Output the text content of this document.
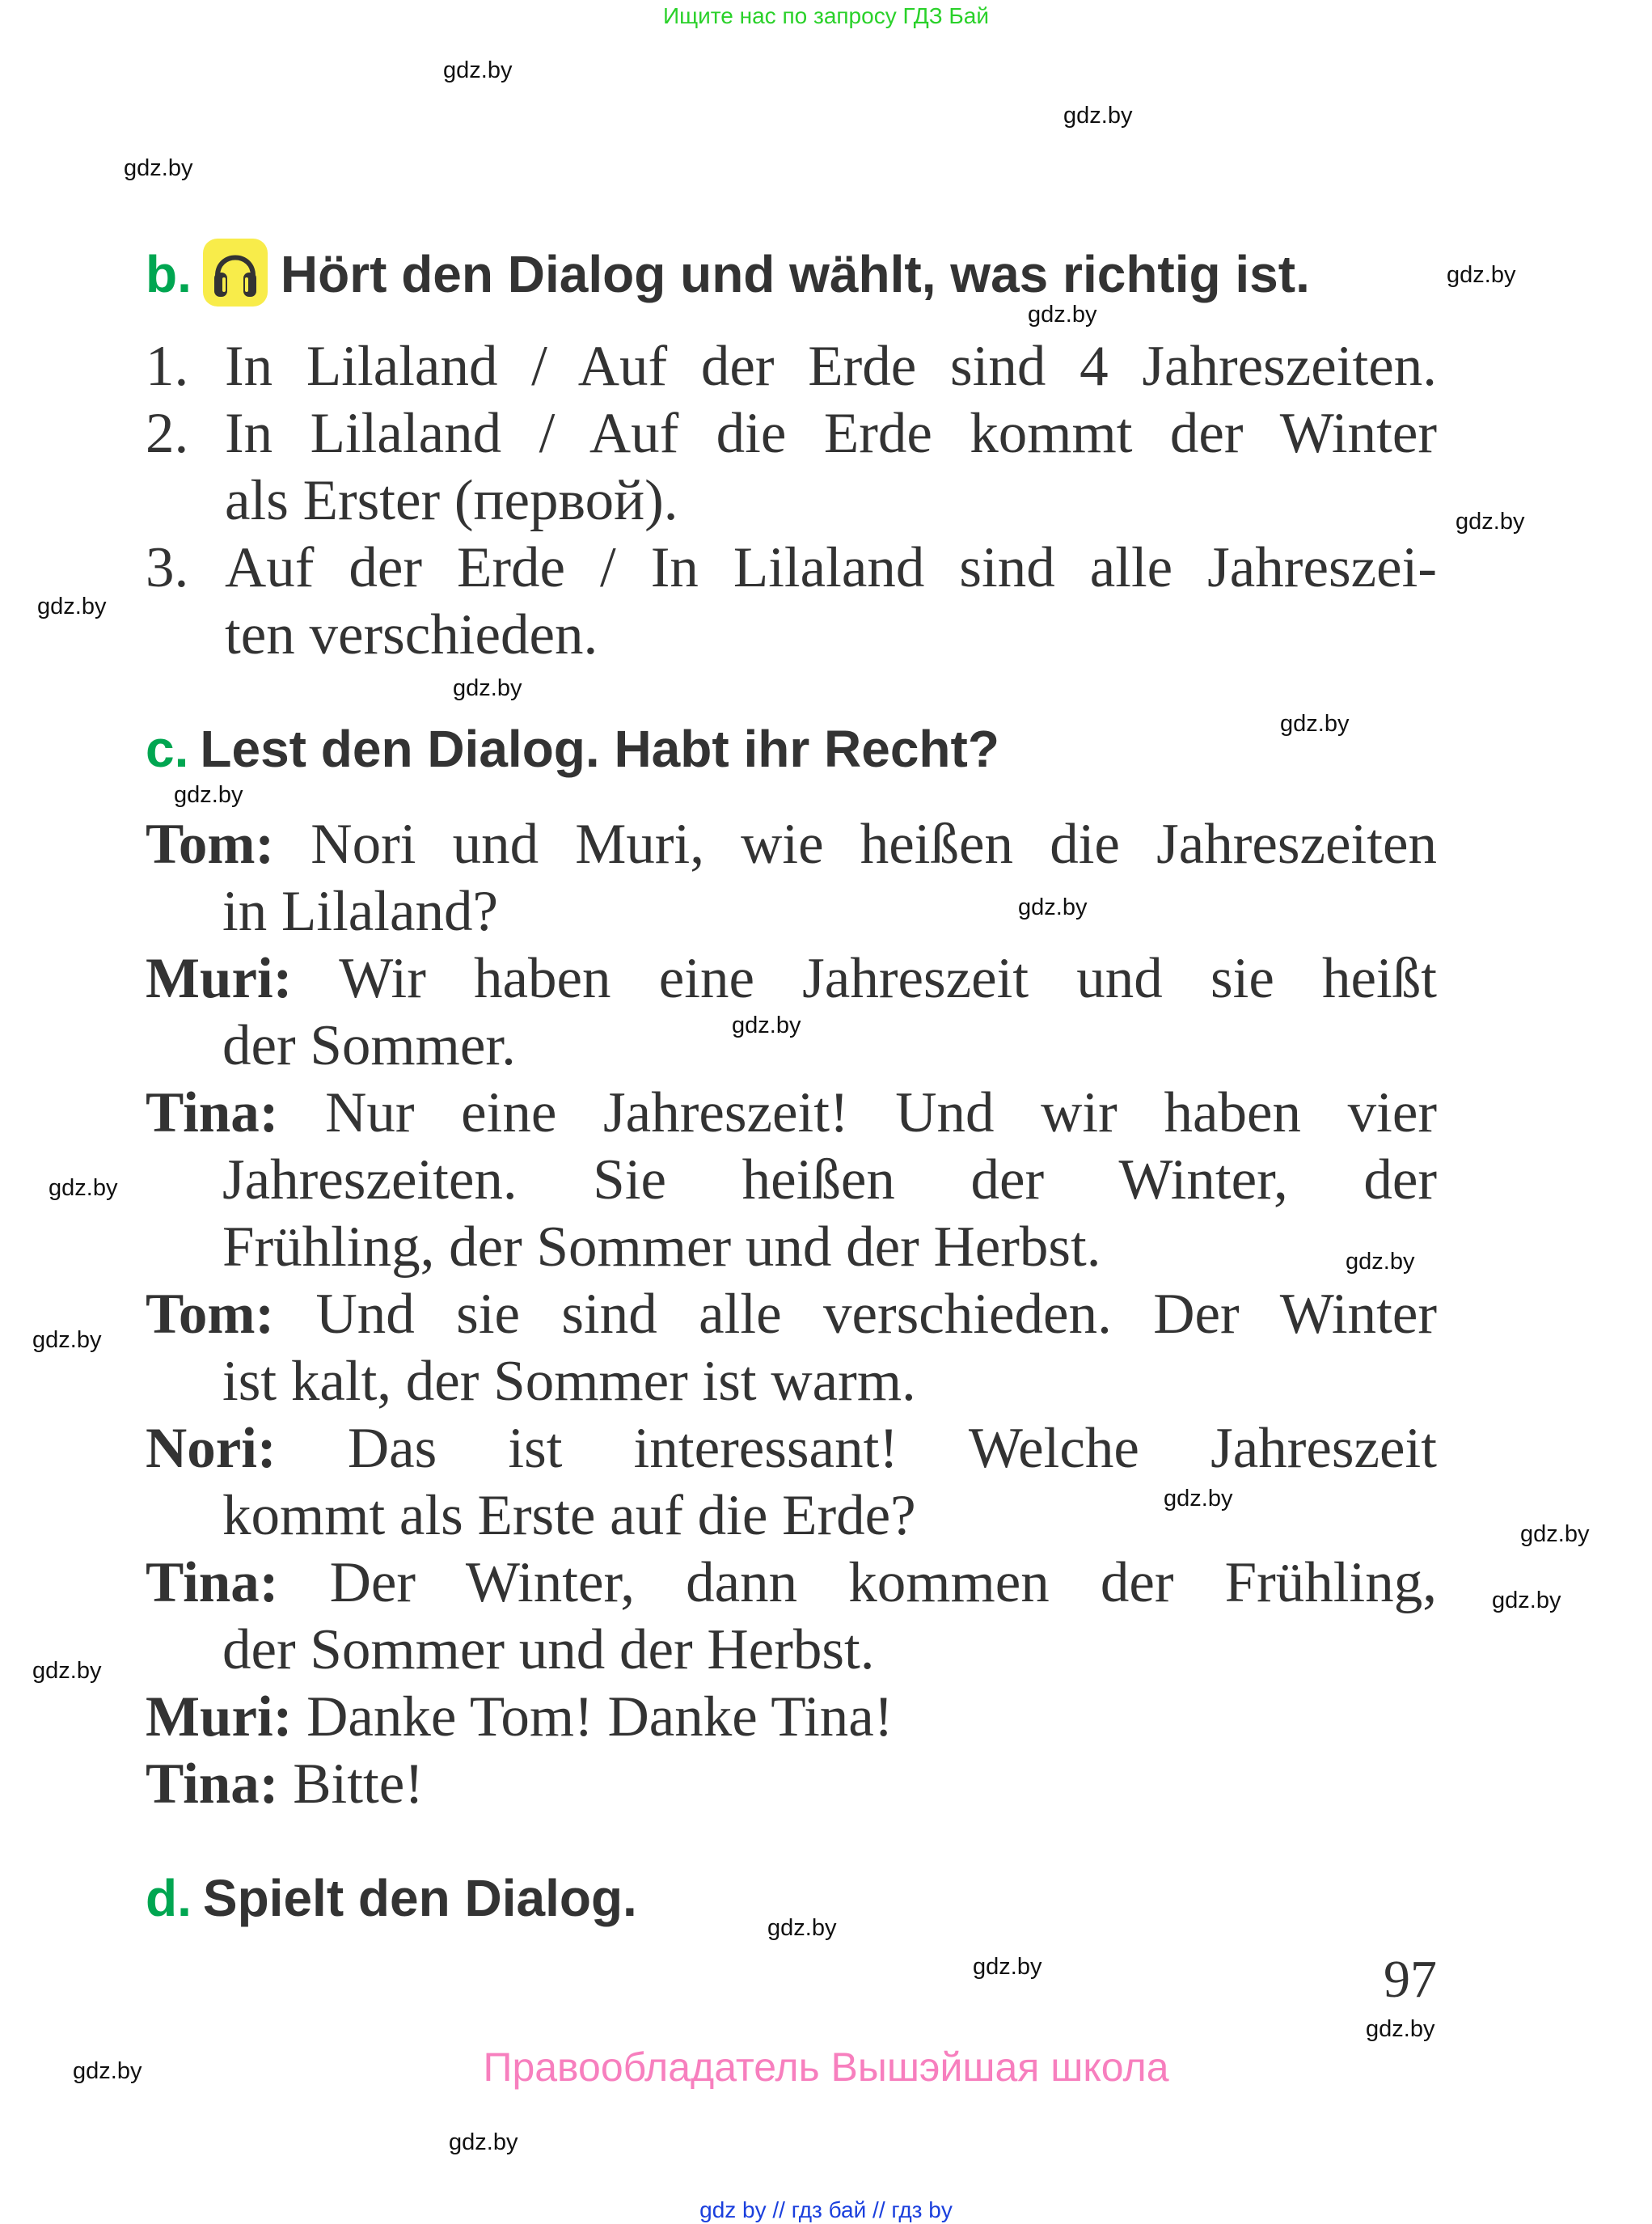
Ищите нас по запросу ГДЗ Бай
gdz.by
gdz.by
gdz.by
gdz.by
gdz.by
gdz.by
gdz.by
gdz.by
gdz.by
gdz.by
gdz.by
gdz.by
gdz.by
gdz.by
gdz.by
gdz.by
gdz.by
gdz.by
gdz.by
gdz.by
gdz.by
gdz.by
gdz.by
gdz.by
b. Hört den Dialog und wählt, was richtig ist.
1. In Lilaland / Auf der Erde sind 4 Jahreszeiten.
2. In Lilaland / Auf die Erde kommt der Winter
als Erster (первой).
3. Auf der Erde / In Lilaland sind alle Jahreszei-
ten verschieden.
c. Lest den Dialog. Habt ihr Recht?
Tom: Nori und Muri, wie heißen die Jahreszeiten
in Lilaland?
Muri: Wir haben eine Jahreszeit und sie heißt
der Sommer.
Tina: Nur eine Jahreszeit! Und wir haben vier
Jahreszeiten. Sie heißen der Winter, der
Frühling, der Sommer und der Herbst.
Tom: Und sie sind alle verschieden. Der Winter
ist kalt, der Sommer ist warm.
Nori: Das ist interessant! Welche Jahreszeit
kommt als Erste auf die Erde?
Tina: Der Winter, dann kommen der Frühling,
der Sommer und der Herbst.
Muri: Danke Tom! Danke Tina!
Tina: Bitte!
d. Spielt den Dialog.
97
Правообладатель Вышэйшая школа
gdz by // гдз бай // гдз by
